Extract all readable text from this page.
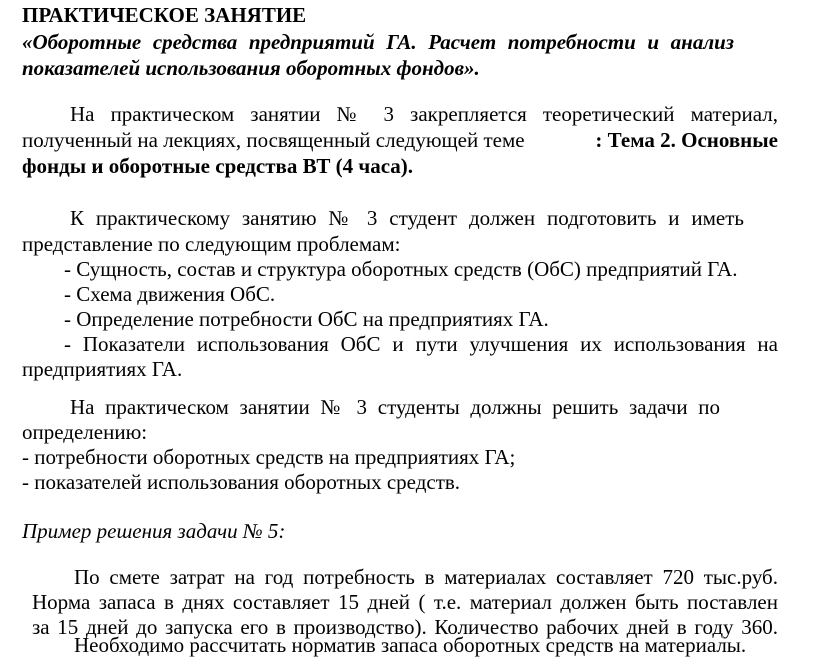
ПРАКТИЧЕСКОЕ ЗАНЯТИЕ
«Оборотные средства предприятий ГА. Расчет потребности и анализ
показателей использования оборотных фондов».
На практическом занятии № 3 закрепляется теоретический материал,
полученный на лекциях, посвященный следующей теме	: Тема 2. Основные
фонды и оборотные средства ВТ (4 часа).
К практическому занятию № 3 студент должен подготовить и иметь
представление по следующим проблемам:
- Сущность, состав и структура оборотных средств (ОбС) предприятий ГА.
- Схема движения ОбС.
- Определение потребности ОбС на предприятиях ГА.
- Показатели использования ОбС и пути улучшения их использования на
предприятиях ГА.
На практическом занятии № 3 студенты должны решить задачи по
определению:
- потребности оборотных средств на предприятиях ГА;
- показателей использования оборотных средств.
Пример решения задачи № 5:
По смете затрат на год потребность в материалах составляет 720 тыс.руб.
Норма запаса в днях составляет 15 дней ( т.е. материал должен быть поставлен
за 15 дней до запуска его в производство). Количество рабочих дней в году 360.
Необходимо рассчитать норматив запаса оборотных средств на материалы.
